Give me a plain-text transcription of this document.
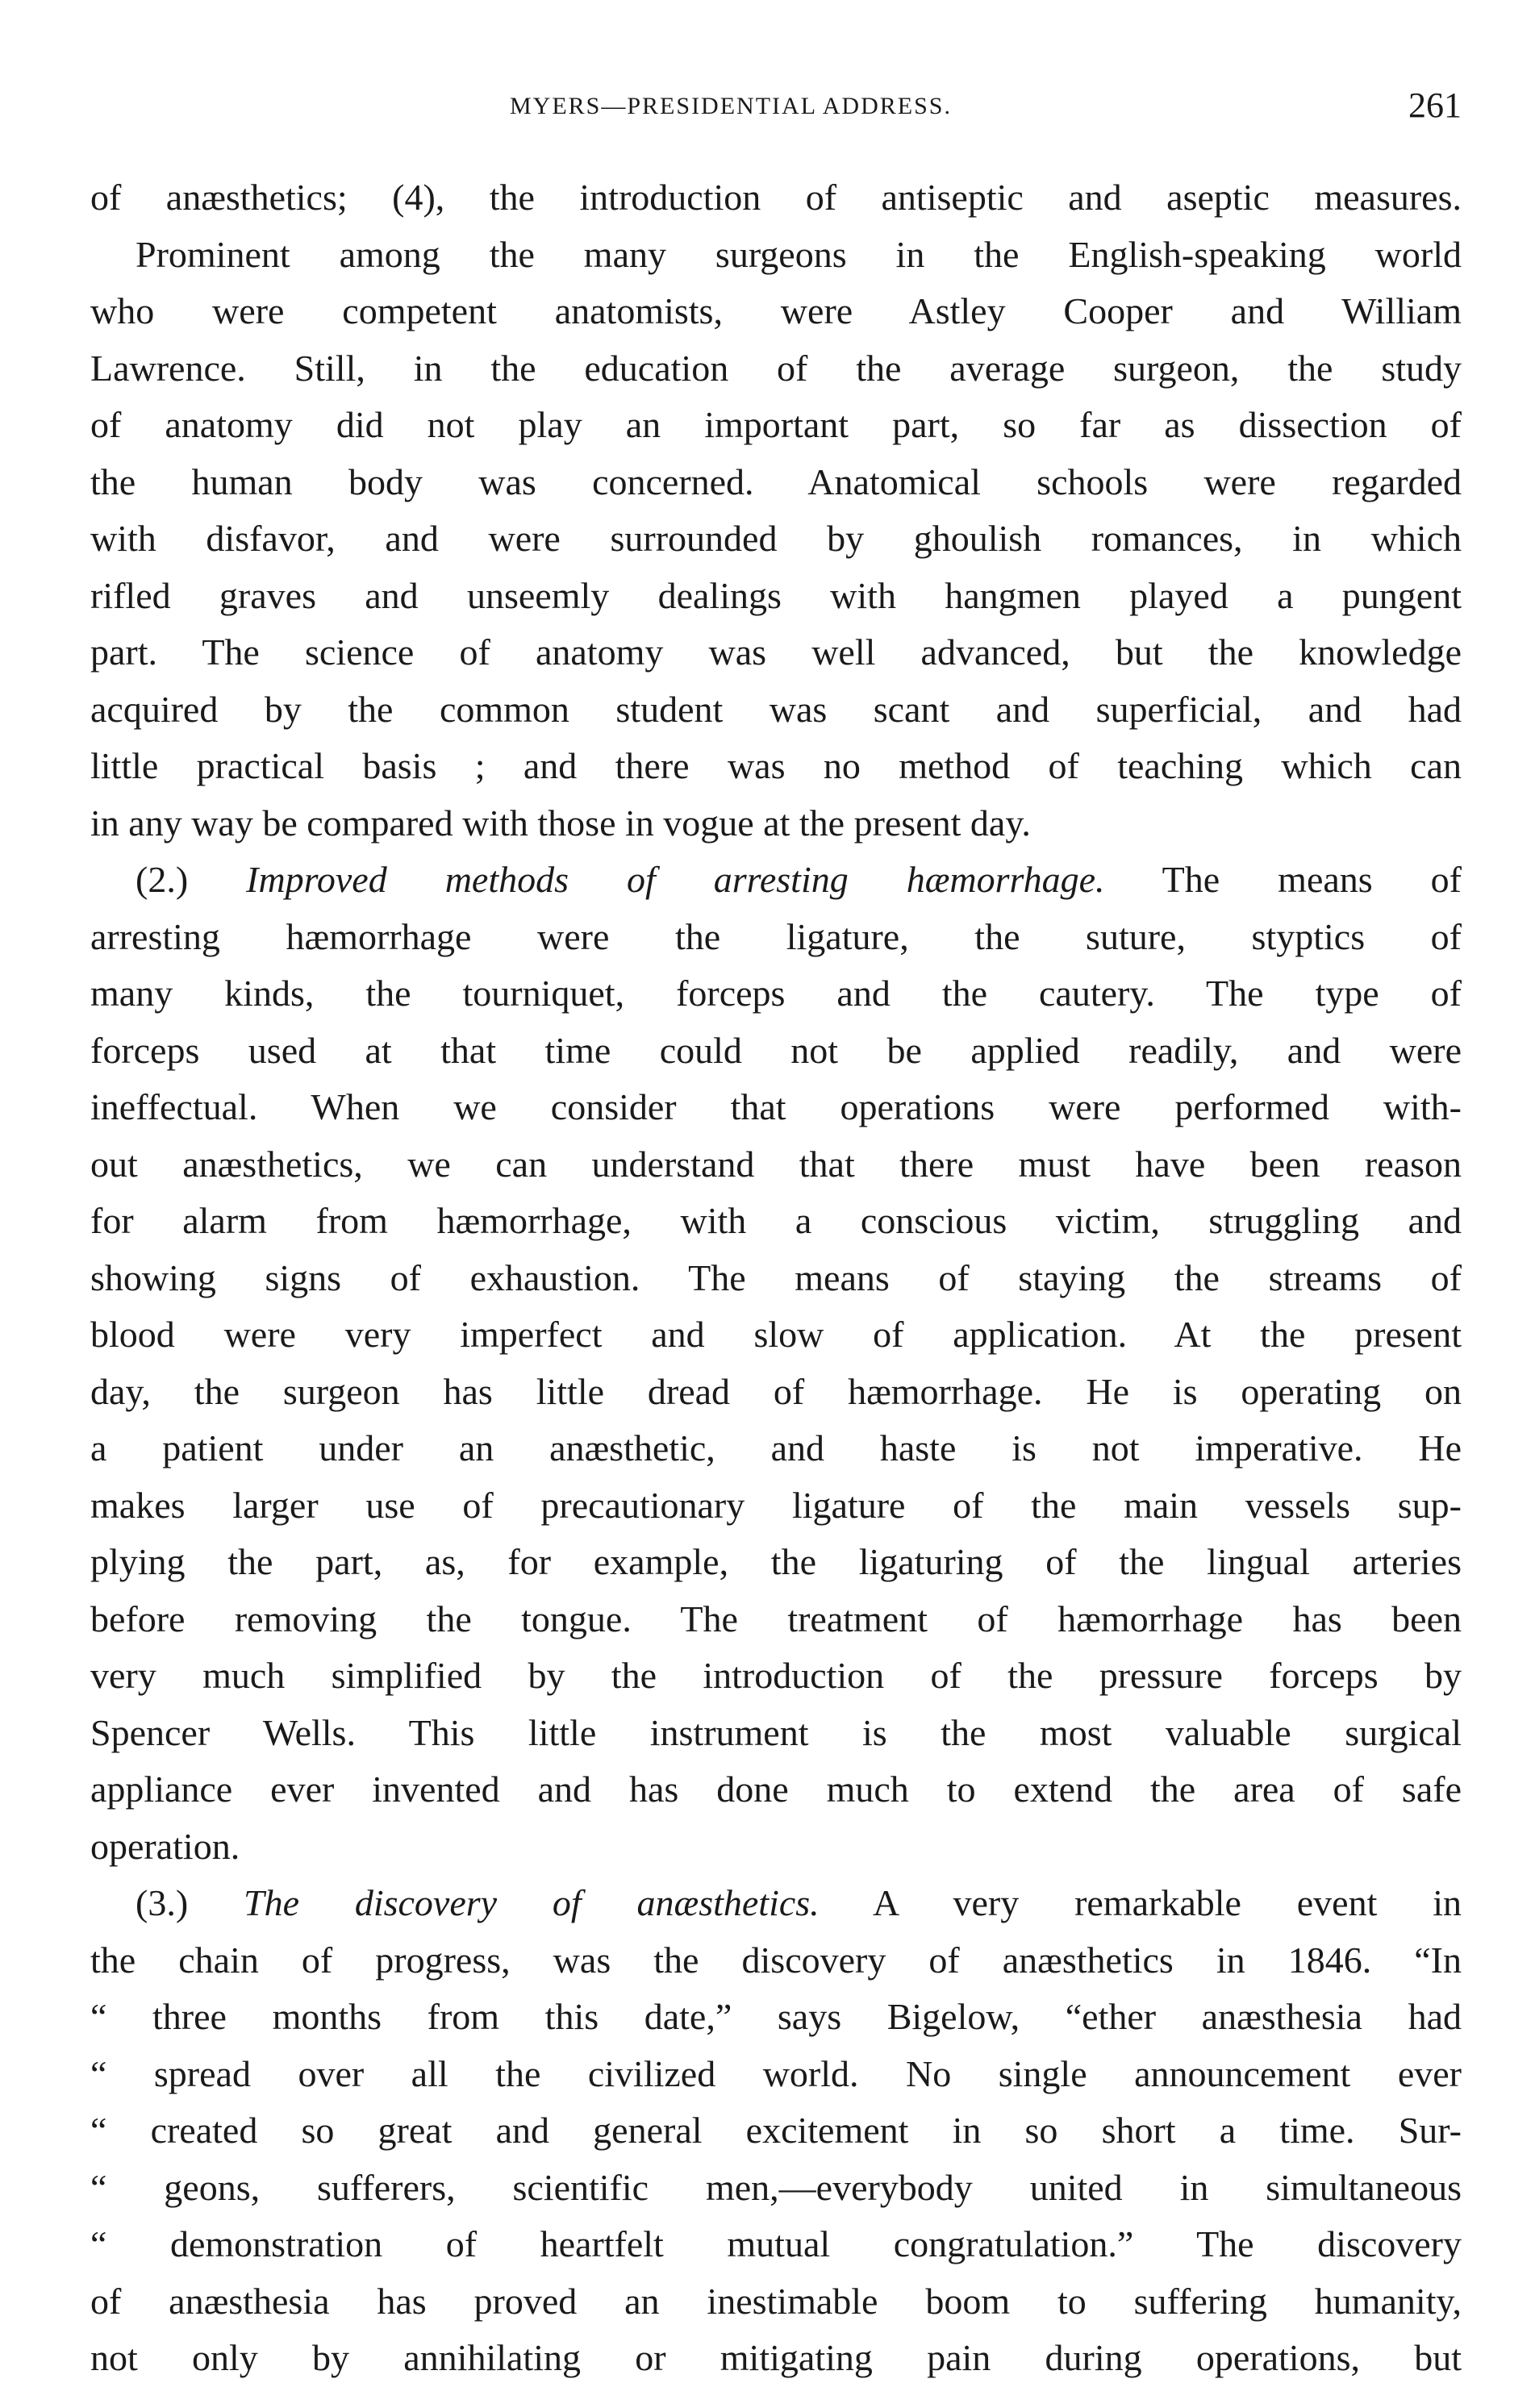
MYERS—PRESIDENTIAL ADDRESS.	261
of anæsthetics; (4), the introduction of antiseptic and aseptic measures.
Prominent among the many surgeons in the English-speaking world
who were competent anatomists, were Astley Cooper and William
Lawrence. Still, in the education of the average surgeon, the study
of anatomy did not play an important part, so far as dissection of
the human body was concerned. Anatomical schools were regarded
with disfavor, and were surrounded by ghoulish romances, in which
rifled graves and unseemly dealings with hangmen played a pungent
part. The science of anatomy was well advanced, but the knowledge
acquired by the common student was scant and superficial, and had
little practical basis ; and there was no method of teaching which can
in any way be compared with those in vogue at the present day.
(2.) Improved methods of arresting hæmorrhage. The means of
arresting hæmorrhage were the ligature, the suture, styptics of
many kinds, the tourniquet, forceps and the cautery. The type of
forceps used at that time could not be applied readily, and were
ineffectual. When we consider that operations were performed with-
out anæsthetics, we can understand that there must have been reason
for alarm from hæmorrhage, with a conscious victim, struggling and
showing signs of exhaustion. The means of staying the streams of
blood were very imperfect and slow of application. At the present
day, the surgeon has little dread of hæmorrhage. He is operating on
a patient under an anæsthetic, and haste is not imperative. He
makes larger use of precautionary ligature of the main vessels sup-
plying the part, as, for example, the ligaturing of the lingual arteries
before removing the tongue. The treatment of hæmorrhage has been
very much simplified by the introduction of the pressure forceps by
Spencer Wells. This little instrument is the most valuable surgical
appliance ever invented and has done much to extend the area of safe
operation.
(3.) The discovery of anæsthetics. A very remarkable event in
the chain of progress, was the discovery of anæsthetics in 1846. “In
“ three months from this date,” says Bigelow, “ether anæsthesia had
“ spread over all the civilized world. No single announcement ever
“ created so great and general excitement in so short a time. Sur-
“ geons, sufferers, scientific men,—everybody united in simultaneous
“ demonstration of heartfelt mutual congratulation.” The discovery
of anæsthesia has proved an inestimable boom to suffering humanity,
not only by annihilating or mitigating pain during operations, but
